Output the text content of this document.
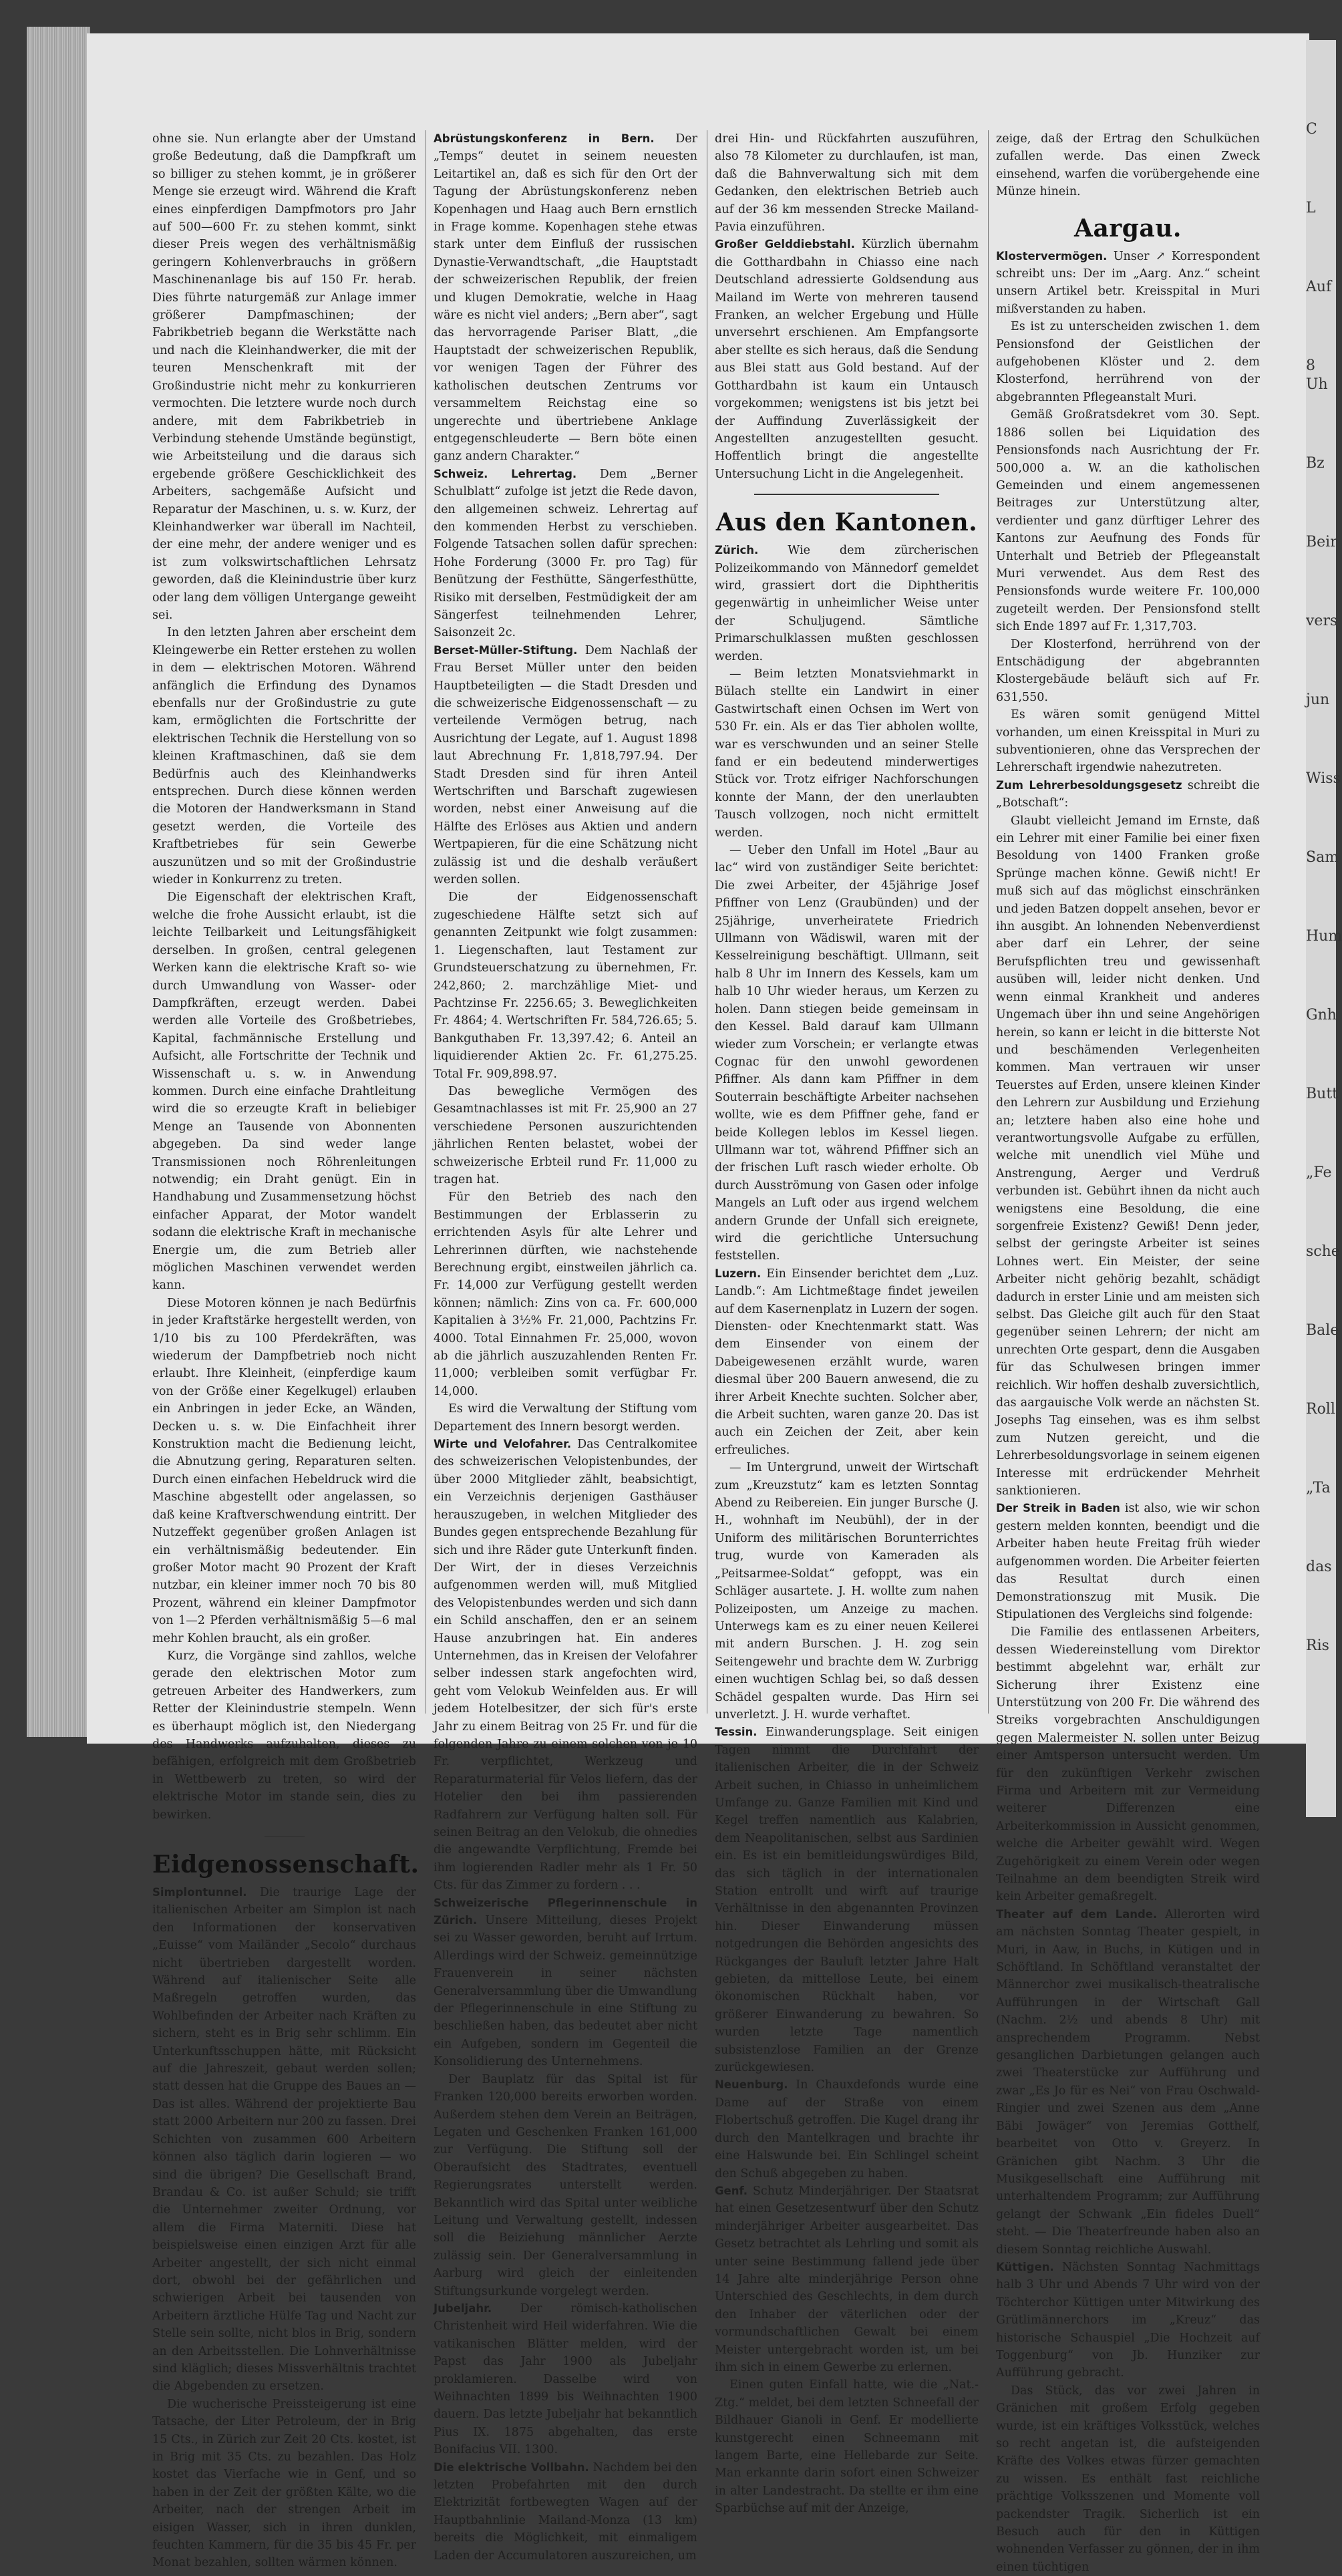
ohne sie. Nun erlangte aber der Umstand große Bedeutung, daß die Dampfkraft um so billiger zu stehen kommt, je in größerer Menge sie erzeugt wird. Während die Kraft eines einpferdigen Dampfmotors pro Jahr auf 500—600 Fr. zu stehen kommt, sinkt dieser Preis wegen des verhältnismäßig geringern Kohlenverbrauchs in größern Maschinenanlage bis auf 150 Fr. herab. Dies führte naturgemäß zur Anlage immer größerer Dampfmaschinen; der Fabrikbetrieb begann die Werkstätte nach und nach die Kleinhandwerker, die mit der teuren Menschenkraft mit der Großindustrie nicht mehr zu konkurrieren vermochten. Die letztere wurde noch durch andere, mit dem Fabrikbetrieb in Verbindung stehende Umstände begünstigt, wie Arbeitsteilung und die daraus sich ergebende größere Geschicklichkeit des Arbeiters, sachgemäße Aufsicht und Reparatur der Maschinen, u. s. w. Kurz, der Kleinhandwerker war überall im Nachteil, der eine mehr, der andere weniger und es ist zum volkswirtschaftlichen Lehrsatz geworden, daß die Kleinindustrie über kurz oder lang dem völligen Untergange geweiht sei.

In den letzten Jahren aber erscheint dem Kleingewerbe ein Retter erstehen zu wollen in dem — elektrischen Motoren. Während anfänglich die Erfindung des Dynamos ebenfalls nur der Großindustrie zu gute kam, ermöglichten die Fortschritte der elektrischen Technik die Herstellung von so kleinen Kraftmaschinen, daß sie dem Bedürfnis auch des Kleinhandwerks entsprechen. Durch diese können werden die Motoren der Handwerksmann in Stand gesetzt werden, die Vorteile des Kraftbetriebes für sein Gewerbe auszunützen und so mit der Großindustrie wieder in Konkurrenz zu treten.

Die Eigenschaft der elektrischen Kraft, welche die frohe Aussicht erlaubt, ist die leichte Teilbarkeit und Leitungsfähigkeit derselben. In großen, central gelegenen Werken kann die elektrische Kraft so- wie durch Umwandlung von Wasser- oder Dampfkräften, erzeugt werden. Dabei werden alle Vorteile des Großbetriebes, Kapital, fachmännische Erstellung und Aufsicht, alle Fortschritte der Technik und Wissenschaft u. s. w. in Anwendung kommen. Durch eine einfache Drahtleitung wird die so erzeugte Kraft in beliebiger Menge an Tausende von Abonnenten abgegeben. Da sind weder lange Transmissionen noch Röhrenleitungen notwendig; ein Draht genügt. Ein in Handhabung und Zusammensetzung höchst einfacher Apparat, der Motor wandelt sodann die elektrische Kraft in mechanische Energie um, die zum Betrieb aller möglichen Maschinen verwendet werden kann.

Diese Motoren können je nach Bedürfnis in jeder Kraftstärke hergestellt werden, von 1/10 bis zu 100 Pferdekräften, was wiederum der Dampfbetrieb noch nicht erlaubt. Ihre Kleinheit, (einpferdige kaum von der Größe einer Kegelkugel) erlauben ein Anbringen in jeder Ecke, an Wänden, Decken u. s. w. Die Einfachheit ihrer Konstruktion macht die Bedienung leicht, die Abnutzung gering, Reparaturen selten. Durch einen einfachen Hebeldruck wird die Maschine abgestellt oder angelassen, so daß keine Kraftverschwendung eintritt. Der Nutzeffekt gegenüber großen Anlagen ist ein verhältnismäßig bedeutender. Ein großer Motor macht 90 Prozent der Kraft nutzbar, ein kleiner immer noch 70 bis 80 Prozent, während ein kleiner Dampfmotor von 1—2 Pferden verhältnismäßig 5—6 mal mehr Kohlen braucht, als ein großer.

Kurz, die Vorgänge sind zahllos, welche gerade den elektrischen Motor zum getreuen Arbeiter des Handwerkers, zum Retter der Kleinindustrie stempeln. Wenn es überhaupt möglich ist, den Niedergang des Handwerks aufzuhalten, dieses zu befähigen, erfolgreich mit dem Großbetrieb in Wettbewerb zu treten, so wird der elektrische Motor im stande sein, dies zu bewirken.

Eidgenossenschaft.

Simplontunnel. Die traurige Lage der italienischen Arbeiter am Simplon ist nach den Informationen der konservativen „Euisse“ vom Mailänder „Secolo“ durchaus nicht übertrieben dargestellt worden. Während auf italienischer Seite alle Maßregeln getroffen wurden, das Wohlbefinden der Arbeiter nach Kräften zu sichern, steht es in Brig sehr schlimm. Ein Unterkunftsschuppen hätte, mit Rücksicht auf die Jahreszeit, gebaut werden sollen; statt dessen hat die Gruppe des Baues an — Das ist alles. Während der projektierte Bau statt 2000 Arbeitern nur 200 zu fassen. Drei Schichten von zusammen 600 Arbeitern können also täglich darin logieren — wo sind die übrigen? Die Gesellschaft Brand, Brandau & Co. ist außer Schuld; sie trifft die Unternehmer zweiter Ordnung, vor allem die Firma Materniti. Diese hat beispielsweise einen einzigen Arzt für alle Arbeiter angestellt, der sich nicht einmal dort, obwohl bei der gefährlichen und schwierigen Arbeit bei tausenden von Arbeitern ärztliche Hülfe Tag und Nacht zur Stelle sein sollte, nicht blos in Brig, sondern an den Arbeitsstellen. Die Lohnverhältnisse sind kläglich; dieses Missverhältnis trachtet die Abgebenden zu ersetzen.

Die wucherische Preissteigerung ist eine Tatsache, der Liter Petroleum, der in Brig 15 Cts., in Zürich zur Zeit 20 Cts. kostet, ist in Brig mit 35 Cts. zu bezahlen. Das Holz kostet das Vierfache wie in Genf, und so haben in der Zeit der größten Kälte, wo die Arbeiter, nach der strengen Arbeit im eisigen Wasser, sich in ihren dunklen, feuchten Kammern, für die 35 bis 45 Fr. per Monat bezahlen, sollten wärmen können.

Abrüstungskonferenz in Bern. Der „Temps“ deutet in seinem neuesten Leitartikel an, daß es sich für den Ort der Tagung der Abrüstungskonferenz neben Kopenhagen und Haag auch Bern ernstlich in Frage komme. Kopenhagen stehe etwas stark unter dem Einfluß der russischen Dynastie-Verwandtschaft, „die Hauptstadt der schweizerischen Republik, der freien und klugen Demokratie, welche in Haag wäre es nicht viel anders; „Bern aber“, sagt das hervorragende Pariser Blatt, „die Hauptstadt der schweizerischen Republik, vor wenigen Tagen der Führer des katholischen deutschen Zentrums vor versammeltem Reichstag eine so ungerechte und übertriebene Anklage entgegenschleuderte — Bern böte einen ganz andern Charakter.“

Schweiz. Lehrertag. Dem „Berner Schulblatt“ zufolge ist jetzt die Rede davon, den allgemeinen schweiz. Lehrertag auf den kommenden Herbst zu verschieben. Folgende Tatsachen sollen dafür sprechen: Hohe Forderung (3000 Fr. pro Tag) für Benützung der Festhütte, Sängerfesthütte, Risiko mit derselben, Festmüdigkeit der am Sängerfest teilnehmenden Lehrer, Saisonzeit 2c.

Berset-Müller-Stiftung. Dem Nachlaß der Frau Berset Müller unter den beiden Hauptbeteiligten — die Stadt Dresden und die schweizerische Eidgenossenschaft — zu verteilende Vermögen betrug, nach Ausrichtung der Legate, auf 1. August 1898 laut Abrechnung Fr. 1,818,797.94. Der Stadt Dresden sind für ihren Anteil Wertschriften und Barschaft zugewiesen worden, nebst einer Anweisung auf die Hälfte des Erlöses aus Aktien und andern Wertpapieren, für die eine Schätzung nicht zulässig ist und die deshalb veräußert werden sollen.

Die der Eidgenossenschaft zugeschiedene Hälfte setzt sich auf genannten Zeitpunkt wie folgt zusammen: 1. Liegenschaften, laut Testament zur Grundsteuerschatzung zu übernehmen, Fr. 242,860; 2. marchzählige Miet- und Pachtzinse Fr. 2256.65; 3. Beweglichkeiten Fr. 4864; 4. Wertschriften Fr. 584,726.65; 5. Bankguthaben Fr. 13,397.42; 6. Anteil an liquidierender Aktien 2c. Fr. 61,275.25. Total Fr. 909,898.97.

Das bewegliche Vermögen des Gesamtnachlasses ist mit Fr. 25,900 an 27 verschiedene Personen auszurichtenden jährlichen Renten belastet, wobei der schweizerische Erbteil rund Fr. 11,000 zu tragen hat.

Für den Betrieb des nach den Bestimmungen der Erblasserin zu errichtenden Asyls für alte Lehrer und Lehrerinnen dürften, wie nachstehende Berechnung ergibt, einstweilen jährlich ca. Fr. 14,000 zur Verfügung gestellt werden können; nämlich: Zins von ca. Fr. 600,000 Kapitalien à 3½% Fr. 21,000, Pachtzins Fr. 4000. Total Einnahmen Fr. 25,000, wovon ab die jährlich auszuzahlenden Renten Fr. 11,000; verbleiben somit verfügbar Fr. 14,000.

Es wird die Verwaltung der Stiftung vom Departement des Innern besorgt werden.

Wirte und Velofahrer. Das Centralkomitee des schweizerischen Velopistenbundes, der über 2000 Mitglieder zählt, beabsichtigt, ein Verzeichnis derjenigen Gasthäuser herauszugeben, in welchen Mitglieder des Bundes gegen entsprechende Bezahlung für sich und ihre Räder gute Unterkunft finden. Der Wirt, der in dieses Verzeichnis aufgenommen werden will, muß Mitglied des Velopistenbundes werden und sich dann ein Schild anschaffen, den er an seinem Hause anzubringen hat. Ein anderes Unternehmen, das in Kreisen der Velofahrer selber indessen stark angefochten wird, geht vom Velokub Weinfelden aus. Er will jedem Hotelbesitzer, der sich für's erste Jahr zu einem Beitrag von 25 Fr. und für die folgenden Jahre zu einem solchen von je 10 Fr. verpflichtet, Werkzeug und Reparaturmaterial für Velos liefern, das der Hotelier den bei ihm passierenden Radfahrern zur Verfügung halten soll. Für seinen Beitrag an den Velokub, die ohnedies die angewandte Verpflichtung, Fremde bei ihm logierenden Radler mehr als 1 Fr. 50 Cts. für das Zimmer zu fordern . . .

Schweizerische Pflegerinnenschule in Zürich. Unsere Mitteilung, dieses Projekt sei zu Wasser geworden, beruht auf Irrtum. Allerdings wird der Schweiz. gemeinnützige Frauenverein in seiner nächsten Generalversammlung über die Umwandlung der Pflegerinnenschule in eine Stiftung zu beschließen haben, das bedeutet aber nicht ein Aufgeben, sondern im Gegenteil die Konsolidierung des Unternehmens.

Der Bauplatz für das Spital ist für Franken 120,000 bereits erworben worden. Außerdem stehen dem Verein an Beiträgen, Legaten und Geschenken Franken 161,000 zur Verfügung. Die Stiftung soll der Oberaufsicht des Stadtrates, eventuell Regierungsrates unterstellt werden. Bekanntlich wird das Spital unter weibliche Leitung und Verwaltung gestellt, indessen soll die Beiziehung männlicher Aerzte zulässig sein. Der Generalversammlung in Aarburg wird gleich der einleitenden Stiftungsurkunde vorgelegt werden.

Jubeljahr. Der römisch-katholischen Christenheit wird Heil widerfahren. Wie die vatikanischen Blätter melden, wird der Papst das Jahr 1900 als Jubeljahr proklamieren. Dasselbe wird von Weihnachten 1899 bis Weihnachten 1900 dauern. Das letzte Jubeljahr hat bekanntlich Pius IX. 1875 abgehalten, das erste Bonifacius VII. 1300.

Die elektrische Vollbahn. Nachdem bei den letzten Probefahrten mit den durch Elektrizität fortbewegten Wagen auf der Hauptbahnlinie Mailand-Monza (13 km) bereits die Möglichkeit, mit einmaligem Laden der Accumulatoren auszureichen, um

drei Hin- und Rückfahrten auszuführen, also 78 Kilometer zu durchlaufen, ist man, daß die Bahnverwaltung sich mit dem Gedanken, den elektrischen Betrieb auch auf der 36 km messenden Strecke Mailand-Pavia einzuführen.

Großer Gelddiebstahl. Kürzlich übernahm die Gotthardbahn in Chiasso eine nach Deutschland adressierte Goldsendung aus Mailand im Werte von mehreren tausend Franken, an welcher Ergebung und Hülle unversehrt erschienen. Am Empfangsorte aber stellte es sich heraus, daß die Sendung aus Blei statt aus Gold bestand. Auf der Gotthardbahn ist kaum ein Untausch vorgekommen; wenigstens ist bis jetzt bei der Auffindung Zuverlässigkeit der Angestellten anzugestellten gesucht. Hoffentlich bringt die angestellte Untersuchung Licht in die Angelegenheit.

Aus den Kantonen.

Zürich. Wie dem zürcherischen Polizeikommando von Männedorf gemeldet wird, grassiert dort die Diphtheritis gegenwärtig in unheimlicher Weise unter der Schuljugend. Sämtliche Primarschulklassen mußten geschlossen werden.

— Beim letzten Monatsviehmarkt in Bülach stellte ein Landwirt in einer Gastwirtschaft einen Ochsen im Wert von 530 Fr. ein. Als er das Tier abholen wollte, war es verschwunden und an seiner Stelle fand er ein bedeutend minderwertiges Stück vor. Trotz eifriger Nachforschungen konnte der Mann, der den unerlaubten Tausch vollzogen, noch nicht ermittelt werden.

— Ueber den Unfall im Hotel „Baur au lac“ wird von zuständiger Seite berichtet: Die zwei Arbeiter, der 45jährige Josef Pfiffner von Lenz (Graubünden) und der 25jährige, unverheiratete Friedrich Ullmann von Wädiswil, waren mit der Kesselreinigung beschäftigt. Ullmann, seit halb 8 Uhr im Innern des Kessels, kam um halb 10 Uhr wieder heraus, um Kerzen zu holen. Dann stiegen beide gemeinsam in den Kessel. Bald darauf kam Ullmann wieder zum Vorschein; er verlangte etwas Cognac für den unwohl gewordenen Pfiffner. Als dann kam Pfiffner in dem Souterrain beschäftigte Arbeiter nachsehen wollte, wie es dem Pfiffner gehe, fand er beide Kollegen leblos im Kessel liegen. Ullmann war tot, während Pfiffner sich an der frischen Luft rasch wieder erholte. Ob durch Ausströmung von Gasen oder infolge Mangels an Luft oder aus irgend welchem andern Grunde der Unfall sich ereignete, wird die gerichtliche Untersuchung feststellen.

Luzern. Ein Einsender berichtet dem „Luz. Landb.“: Am Lichtmeßtage findet jeweilen auf dem Kasernenplatz in Luzern der sogen. Diensten- oder Knechtenmarkt statt. Was dem Einsender von einem der Dabeigewesenen erzählt wurde, waren diesmal über 200 Bauern anwesend, die zu ihrer Arbeit Knechte suchten. Solcher aber, die Arbeit suchten, waren ganze 20. Das ist auch ein Zeichen der Zeit, aber kein erfreuliches.

— Im Untergrund, unweit der Wirtschaft zum „Kreuzstutz“ kam es letzten Sonntag Abend zu Reibereien. Ein junger Bursche (J. H., wohnhaft im Neubühl), der in der Uniform des militärischen Borunterrichtes trug, wurde von Kameraden als „Peitsarmee-Soldat“ gefoppt, was ein Schläger ausartete. J. H. wollte zum nahen Polizeiposten, um Anzeige zu machen. Unterwegs kam es zu einer neuen Keilerei mit andern Burschen. J. H. zog sein Seitengewehr und brachte dem W. Zurbrigg einen wuchtigen Schlag bei, so daß dessen Schädel gespalten wurde. Das Hirn sei unverletzt. J. H. wurde verhaftet.

Tessin. Einwanderungsplage. Seit einigen Tagen nimmt die Durchfahrt der italienischen Arbeiter, die in der Schweiz Arbeit suchen, in Chiasso in unheimlichem Umfange zu. Ganze Familien mit Kind und Kegel treffen namentlich aus Kalabrien, dem Neapolitanischen, selbst aus Sardinien ein. Es ist ein bemitleidungswürdiges Bild, das sich täglich in der internationalen Station entrollt und wirft auf traurige Verhältnisse in den abgenannten Provinzen hin. Dieser Einwanderung müssen notgedrungen die Behörden angesichts des Rückganges der Bauluft letzter Jahre Halt gebieten, da mittellose Leute, bei einem ökonomischen Rückhalt haben, vor größerer Einwanderung zu bewahren. So wurden letzte Tage namentlich subsistenzlose Familien an der Grenze zurückgewiesen.

Neuenburg. In Chauxdefonds wurde eine Dame auf der Straße von einem Flobertschuß getroffen. Die Kugel drang ihr durch den Mantelkragen und brachte ihr eine Halswunde bei. Ein Schlingel scheint den Schuß abgegeben zu haben.

Genf. Schutz Minderjähriger. Der Staatsrat hat einen Gesetzesentwurf über den Schutz minderjähriger Arbeiter ausgearbeitet. Das Gesetz betrachtet als Lehrling und somit als unter seine Bestimmung fallend jede über 14 Jahre alte minderjährige Person ohne Unterschied des Geschlechts, in dem durch den Inhaber der väterlichen oder der vormundschaftlichen Gewalt bei einem Meister untergebracht worden ist, um bei ihm sich in einem Gewerbe zu erlernen.

Einen guten Einfall hatte, wie die „Nat.-Ztg.“ meldet, bei dem letzten Schneefall der Bildhauer Gianoli in Genf. Er modellierte kunstgerecht einen Schneemann mit langem Barte, eine Hellebarde zur Seite. Man erkannte darin sofort einen Schweizer in alter Landestracht. Da stellte er ihm eine Sparbüchse auf mit der Anzeige,

zeige, daß der Ertrag den Schulküchen zufallen werde. Das einen Zweck einsehend, warfen die vorübergehende eine Münze hinein.

Aargau.

Klostervermögen. Unser ↗ Korrespondent schreibt uns: Der im „Aarg. Anz.“ scheint unsern Artikel betr. Kreisspital in Muri mißverstanden zu haben.

Es ist zu unterscheiden zwischen 1. dem Pensionsfond der Geistlichen der aufgehobenen Klöster und 2. dem Klosterfond, herrührend von der abgebrannten Pflegeanstalt Muri.

Gemäß Großratsdekret vom 30. Sept. 1886 sollen bei Liquidation des Pensionsfonds nach Ausrichtung der Fr. 500,000 a. W. an die katholischen Gemeinden und einem angemessenen Beitrages zur Unterstützung alter, verdienter und ganz dürftiger Lehrer des Kantons zur Aeufnung des Fonds für Unterhalt und Betrieb der Pflegeanstalt Muri verwendet. Aus dem Rest des Pensionsfonds wurde weitere Fr. 100,000 zugeteilt werden. Der Pensionsfond stellt sich Ende 1897 auf Fr. 1,317,703.

Der Klosterfond, herrührend von der Entschädigung der abgebrannten Klostergebäude beläuft sich auf Fr. 631,550.

Es wären somit genügend Mittel vorhanden, um einen Kreisspital in Muri zu subventionieren, ohne das Versprechen der Lehrerschaft irgendwie nahezutreten.

Zum Lehrerbesoldungsgesetz schreibt die „Botschaft“:

Glaubt vielleicht Jemand im Ernste, daß ein Lehrer mit einer Familie bei einer fixen Besoldung von 1400 Franken große Sprünge machen könne. Gewiß nicht! Er muß sich auf das möglichst einschränken und jeden Batzen doppelt ansehen, bevor er ihn ausgibt. An lohnenden Nebenverdienst aber darf ein Lehrer, der seine Berufspflichten treu und gewissenhaft ausüben will, leider nicht denken. Und wenn einmal Krankheit und anderes Ungemach über ihn und seine Angehörigen herein, so kann er leicht in die bitterste Not und beschämenden Verlegenheiten kommen. Man vertrauen wir unser Teuerstes auf Erden, unsere kleinen Kinder den Lehrern zur Ausbildung und Erziehung an; letztere haben also eine hohe und verantwortungsvolle Aufgabe zu erfüllen, welche mit unendlich viel Mühe und Anstrengung, Aerger und Verdruß verbunden ist. Gebührt ihnen da nicht auch wenigstens eine Besoldung, die eine sorgenfreie Existenz? Gewiß! Denn jeder, selbst der geringste Arbeiter ist seines Lohnes wert. Ein Meister, der seine Arbeiter nicht gehörig bezahlt, schädigt dadurch in erster Linie und am meisten sich selbst. Das Gleiche gilt auch für den Staat gegenüber seinen Lehrern; der nicht am unrechten Orte gespart, denn die Ausgaben für das Schulwesen bringen immer reichlich. Wir hoffen deshalb zuversichtlich, das aargauische Volk werde an nächsten St. Josephs Tag einsehen, was es ihm selbst zum Nutzen gereicht, und die Lehrerbesoldungsvorlage in seinem eigenen Interesse mit erdrückender Mehrheit sanktionieren.

Der Streik in Baden ist also, wie wir schon gestern melden konnten, beendigt und die Arbeiter haben heute Freitag früh wieder aufgenommen worden. Die Arbeiter feierten das Resultat durch einen Demonstrationszug mit Musik. Die Stipulationen des Vergleichs sind folgende:

Die Familie des entlassenen Arbeiters, dessen Wiedereinstellung vom Direktor bestimmt abgelehnt war, erhält zur Sicherung ihrer Existenz eine Unterstützung von 200 Fr. Die während des Streiks vorgebrachten Anschuldigungen gegen Malermeister N. sollen unter Beizug einer Amtsperson untersucht werden. Um für den zukünftigen Verkehr zwischen Firma und Arbeitern mit zur Vermeidung weiterer Differenzen eine Arbeiterkommission in Aussicht genommen, welche die Arbeiter gewählt wird. Wegen Zugehörigkeit zu einem Verein oder wegen Teilnahme an dem beendigten Streik wird kein Arbeiter gemaßregelt.

Theater auf dem Lande. Allerorten wird am nächsten Sonntag Theater gespielt, in Muri, in Aaw, in Buchs, in Kütigen und in Schöftland. In Schöftland veranstaltet der Männerchor zwei musikalisch-theatralische Aufführungen in der Wirtschaft Gall (Nachm. 2½ und abends 8 Uhr) mit ansprechendem Programm. Nebst gesanglichen Darbietungen gelangen auch zwei Theaterstücke zur Aufführung und zwar „Es Jo für es Nei“ von Frau Oschwald-Ringier und zwei Szenen aus dem „Anne Bäbi Jowäger“ von Jeremias Gotthelf, bearbeitet von Otto v. Greyerz. In Gränichen gibt Nachm. 3 Uhr die Musikgesellschaft eine Aufführung mit unterhaltendem Programm; zur Aufführung gelangt der Schwank „Ein fideles Duell“ steht. — Die Theaterfreunde haben also an diesem Sonntag reichliche Auswahl.

Küttigen. Nächsten Sonntag Nachmittags halb 3 Uhr und Abends 7 Uhr wird von der Töchterchor Küttigen unter Mitwirkung des Grütlimännerchors im „Kreuz“ das historische Schauspiel „Die Hochzeit auf Toggenburg“ von Jb. Hunziker zur Aufführung gebracht.

Das Stück, das vor zwei Jahren in Gränichen mit großem Erfolg gegeben wurde, ist ein kräftiges Volksstück, welches so recht angetan ist, die aufsteigenden Kräfte des Volkes etwas fürzer gemachten zu wissen. Es enthält fast reichliche prächtige Volksszenen und Momente voll packendster Tragik. Sicherlich ist ein Besuch auch für den in Küttigen wohnenden Verfasser zu gönnen, der in ihm einen tüchtigen

C
L
Auf
8 Uh
Bz
Beir
vers
jun
Wiss
Sam
Hum
Gnh
Butt
„Fe
sche
Bale
Roll
„Ta
das
Ris
